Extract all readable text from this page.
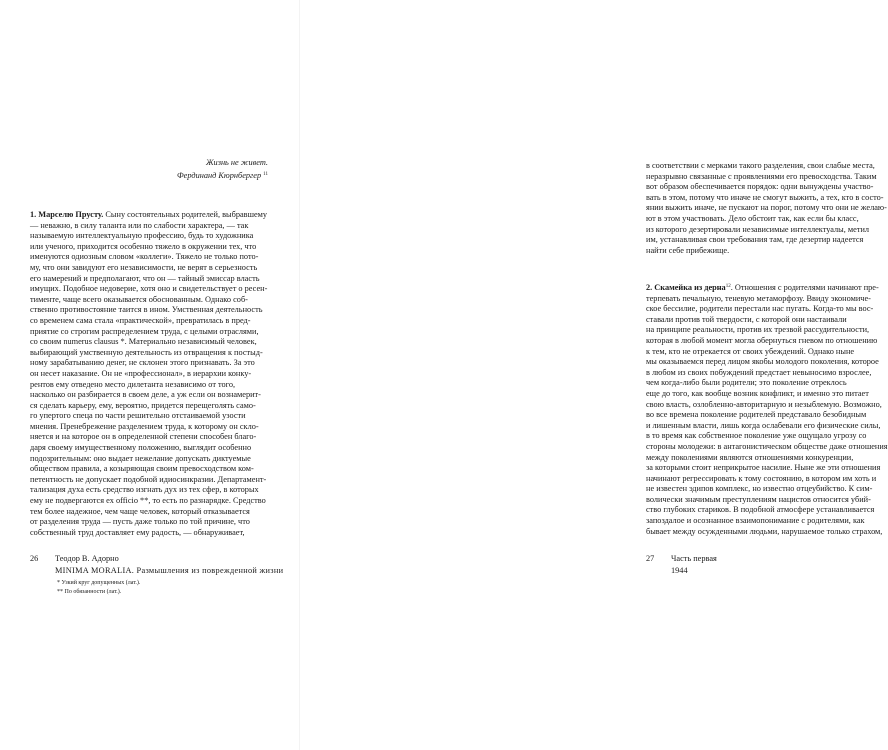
Жизнь не живет.
Фердинанд Кюрнбергер $^{11}$
1. Марселю Прусту. Сыну состоятельных родителей, выбравшему
— неважно, в силу таланта или по слабости характера, — так
называемую интеллектуальную профессию, будь то художника
или ученого, приходится особенно тяжело в окружении тех, что
именуются одиозным словом «коллеги». Тяжело не только пото-
му, что они завидуют его независимости, не верят в серьезность
его намерений и предполагают, что он — тайный эмиссар власть
имущих. Подобное недоверие, хотя оно и свидетельствует о ресен-
тименте, чаще всего оказывается обоснованным. Однако соб-
ственно противостояние таится в ином. Умственная деятельность
со временем сама стала «практической», превратилась в пред-
приятие со строгим распределением труда, с целыми отраслями,
со своим numerus clausus *. Материально независимый человек,
выбирающий умственную деятельность из отвращения к постыд-
ному зарабатыванию денег, не склонен этого признавать. За это
он несет наказание. Он не «профессионал», в иерархии конку-
рентов ему отведено место дилетанта независимо от того,
насколько он разбирается в своем деле, а уж если он вознамерит-
ся сделать карьеру, ему, вероятно, придется перещеголять само-
го упертого спеца по части решительно отстаиваемой узости
мнения. Пренебрежение разделением труда, к которому он скло-
няется и на которое он в определенной степени способен благо-
даря своему имущественному положению, выглядит особенно
подозрительным: оно выдает нежелание допускать диктуемые
обществом правила, а козыряющая своим превосходством ком-
петентность не допускает подобной идиосинкразии. Департамент-
тализация духа есть средство изгнать дух из тех сфер, в которых
ему не подвергаются ex officio **, то есть по разнарядке. Средство
тем более надежное, чем чаще человек, который отказывается
от разделения труда — пусть даже только по той причине, что
собственный труд доставляет ему радость, — обнаруживает,
26 Теодор В. Адорно
MINIMA MORALIA. Размышления из поврежденной жизни
* Узкий круг допущенных (лат.).
** По обязанности (лат.).
в соответствии с мерками такого разделения, свои слабые места,
неразрывно связанные с проявлениями его превосходства. Таким
вот образом обеспечивается порядок: одни вынуждены участво-
вать в этом, потому что иначе не смогут выжить, а тех, кто в состо-
янии выжить иначе, не пускают на порог, потому что они не желаю-
ют в этом участвовать. Дело обстоит так, как если бы класс,
из которого дезертировали независимые интеллектуалы, метил
им, устанавливая свои требования там, где дезертир надеется
найти себе прибежище.
2. Скамейка из дерна$^{12}$. Отношения с родителями начинают пре-
терпевать печальную, теневую метаморфозу. Ввиду экономиче-
ское бессилие, родители перестали нас пугать. Когда-то мы вос-
ставали против той твердости, с которой они настаивали
на принципе реальности, против их трезвой рассудительности,
которая в любой момент могла обернуться гневом по отношению
к тем, кто не отрекается от своих убеждений. Однако ныне
мы оказываемся перед лицом якобы молодого поколения, которое
в любом из своих побуждений предстает невыносимо взрослее,
чем когда-либо были родители; это поколение отреклось
еще до того, как вообще возник конфликт, и именно это питает
свою власть, озлобленно-авторитарную и незыблемую. Возможно,
во все времена поколение родителей представало безобидным
и лишенным власти, лишь когда ослабевали его физические силы,
в то время как собственное поколение уже ощущало угрозу со
стороны молодежи: в антагонистическом обществе даже отношения
между поколениями являются отношениями конкуренции,
за которыми стоит неприкрытое насилие. Ныне же эти отношения
начинают регрессировать к тому состоянию, в котором им хоть и
не известен эдипов комплекс, но известно отцеубийство. К сим-
волически значимым преступлениям нацистов относится убий-
ство глубоких стариков. В подобной атмосфере устанавливается
запоздалое и осознанное взаимопонимание с родителями, как
бывает между осужденными людьми, нарушаемое только страхом,
27 Часть первая
1944
